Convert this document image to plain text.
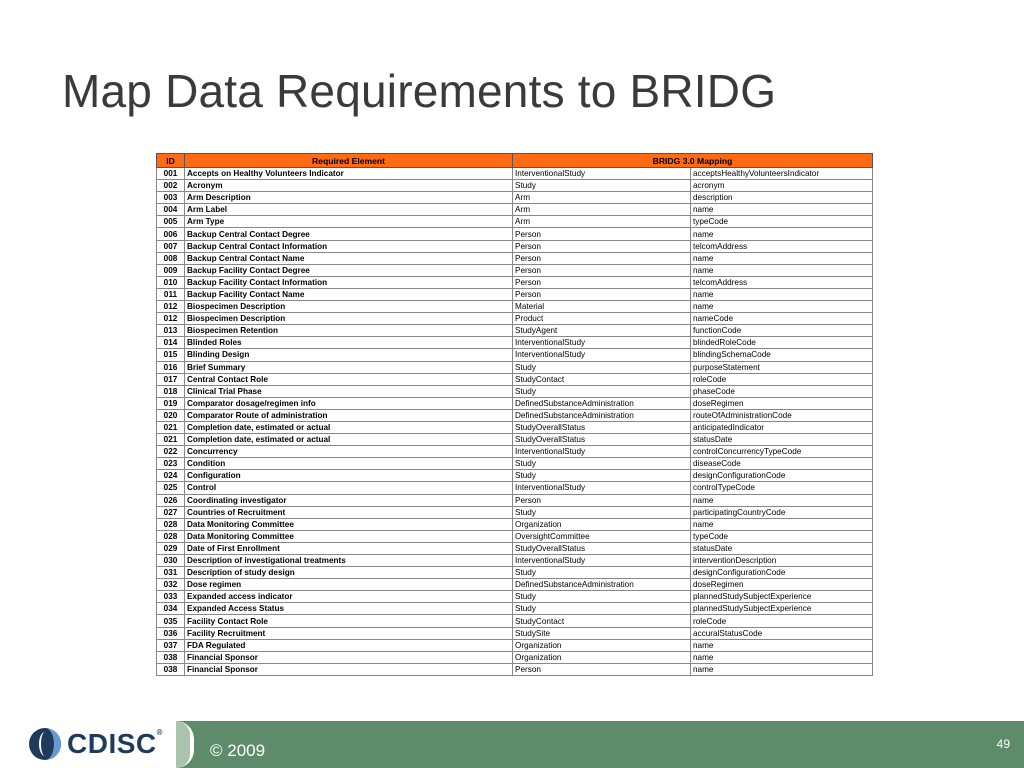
Map Data Requirements to BRIDG
ID	Required Element	BRIDG 3.0 Mapping	
001	Accepts on Healthy Volunteers Indicator	InterventionalStudy	acceptsHealthyVolunteersIndicator
002	Acronym	Study	acronym
003	Arm Description	Arm	description
004	Arm Label	Arm	name
005	Arm Type	Arm	typeCode
006	Backup Central Contact Degree	Person	name
007	Backup Central Contact Information	Person	telcomAddress
008	Backup Central Contact Name	Person	name
009	Backup Facility Contact Degree	Person	name
010	Backup Facility Contact Information	Person	telcomAddress
011	Backup Facility Contact Name	Person	name
012	Biospecimen Description	Material	name
012	Biospecimen Description	Product	nameCode
013	Biospecimen Retention	StudyAgent	functionCode
014	Blinded Roles	InterventionalStudy	blindedRoleCode
015	Blinding Design	InterventionalStudy	blindingSchemaCode
016	Brief Summary	Study	purposeStatement
017	Central Contact Role	StudyContact	roleCode
018	Clinical Trial Phase	Study	phaseCode
019	Comparator dosage/regimen info	DefinedSubstanceAdministration	doseRegimen
020	Comparator Route of administration	DefinedSubstanceAdministration	routeOfAdministrationCode
021	Completion date, estimated or actual	StudyOverallStatus	anticipatedIndicator
021	Completion date, estimated or actual	StudyOverallStatus	statusDate
022	Concurrency	InterventionalStudy	controlConcurrencyTypeCode
023	Condition	Study	diseaseCode
024	Configuration	Study	designConfigurationCode
025	Control	InterventionalStudy	controlTypeCode
026	Coordinating investigator	Person	name
027	Countries of Recruitment	Study	participatingCountryCode
028	Data Monitoring Committee	Organization	name
028	Data Monitoring Committee	OversightCommittee	typeCode
029	Date of First Enrollment	StudyOverallStatus	statusDate
030	Description of investigational treatments	InterventionalStudy	interventionDescription
031	Description of study design	Study	designConfigurationCode
032	Dose regimen	DefinedSubstanceAdministration	doseRegimen
033	Expanded access indicator	Study	plannedStudySubjectExperience
034	Expanded Access Status	Study	plannedStudySubjectExperience
035	Facility Contact Role	StudyContact	roleCode
036	Facility Recruitment	StudySite	accuralStatusCode
037	FDA Regulated	Organization	name
038	Financial Sponsor	Organization	name
038	Financial Sponsor	Person	name
CDISC®
© 2009	49
